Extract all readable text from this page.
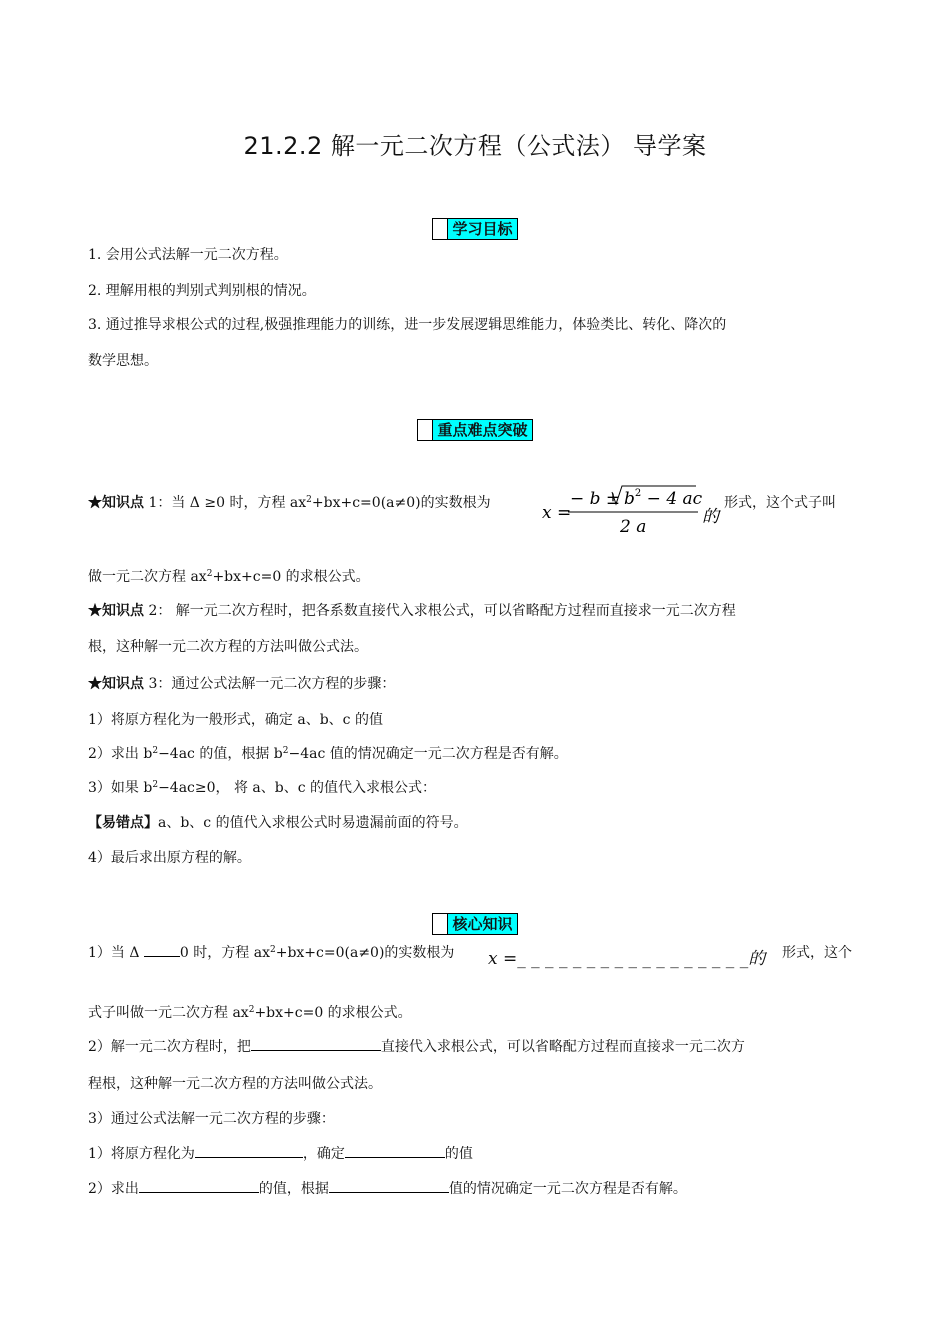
21.2.2 解一元二次方程（公式法） 导学案
学习目标
1. 会用公式法解一元二次方程。
2. 理解用根的判别式判别根的情况。
3. 通过推导求根公式的过程,极强推理能力的训练，进一步发展逻辑思维能力，体验类比、转化、降次的
数学思想。
重点难点突破
★知识点 1：当 Δ ≥0 时，方程 $ax^2+bx+c=0(a\ne 0)$的实数根为	x =
− $b \pm b^2 - 4$ ac
2 a	的
形式，这个式子叫
做一元二次方程 $ax^2+bx+c=0$ 的求根公式。
★知识点 2： 解一元二次方程时，把各系数直接代入求根公式，可以省略配方过程而直接求一元二次方程
根，这种解一元二次方程的方法叫做公式法。
★知识点 3：通过公式法解一元二次方程的步骤：
1）将原方程化为一般形式，确定 a、b、c 的值
2）求出 $b^2-4ac$ 的值，根据 $b^2-4ac$ 值的情况确定一元二次方程是否有解。
3）如果 $b^2-4ac\ge 0$， 将 a、b、c 的值代入求根公式：
【易错点】a、b、c 的值代入求根公式时易遗漏前面的符号。
4）最后求出原方程的解。
核心知识
1）当 Δ	0 时，方程 $ax^2+bx+c=0(a\ne 0)$的实数根为 x =_ _ _ _ _ _ _ _ _ _ _ _ _ _ _ _ _的 形式，这个
式子叫做一元二次方程 $ax^2+bx+c=0$ 的求根公式。
2）解一元二次方程时，把	直接代入求根公式，可以省略配方过程而直接求一元二次方
程根，这种解一元二次方程的方法叫做公式法。
3）通过公式法解一元二次方程的步骤：
1）将原方程化为	，确定	的值
2）求出	的值，根据	值的情况确定一元二次方程是否有解。
